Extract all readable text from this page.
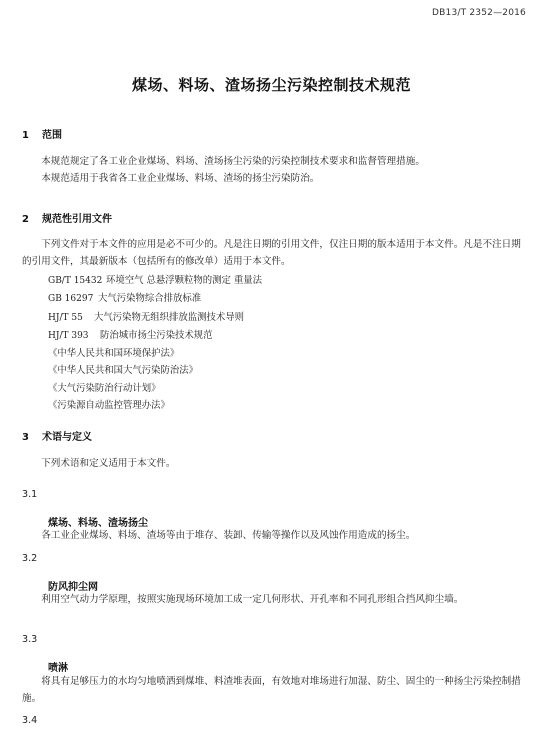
DB13/T 2352—2016
煤场、料场、渣场扬尘污染控制技术规范
1 范围

本规范规定了各工业企业煤场、料场、渣场扬尘污染的污染控制技术要求和监督管理措施。

本规范适用于我省各工业企业煤场、料场、渣场的扬尘污染防治。

2 规范性引用文件

下列文件对于本文件的应用是必不可少的。凡是注日期的引用文件，仅注日期的版本适用于本文件。凡是不注日期的引用文件，其最新版本（包括所有的修改单）适用于本文件。

GB/T 15432 环境空气 总悬浮颗粒物的测定 重量法
GB 16297 大气污染物综合排放标准
HJ/T 55 大气污染物无组织排放监测技术导则
HJ/T 393 防治城市扬尘污染技术规范
《中华人民共和国环境保护法》
《中华人民共和国大气污染防治法》
《大气污染防治行动计划》
《污染源自动监控管理办法》
3 术语与定义

下列术语和定义适用于本文件。

3.1
煤场、料场、渣场扬尘

各工业企业煤场、料场、渣场等由于堆存、装卸、传输等操作以及风蚀作用造成的扬尘。

3.2
防风抑尘网

利用空气动力学原理，按照实施现场环境加工成一定几何形状、开孔率和不同孔形组合挡风抑尘墙。

3.3
喷淋

将具有足够压力的水均匀地喷洒到煤堆、料渣堆表面，有效地对堆场进行加湿、防尘、固尘的一种扬尘污染控制措施。

3.4
